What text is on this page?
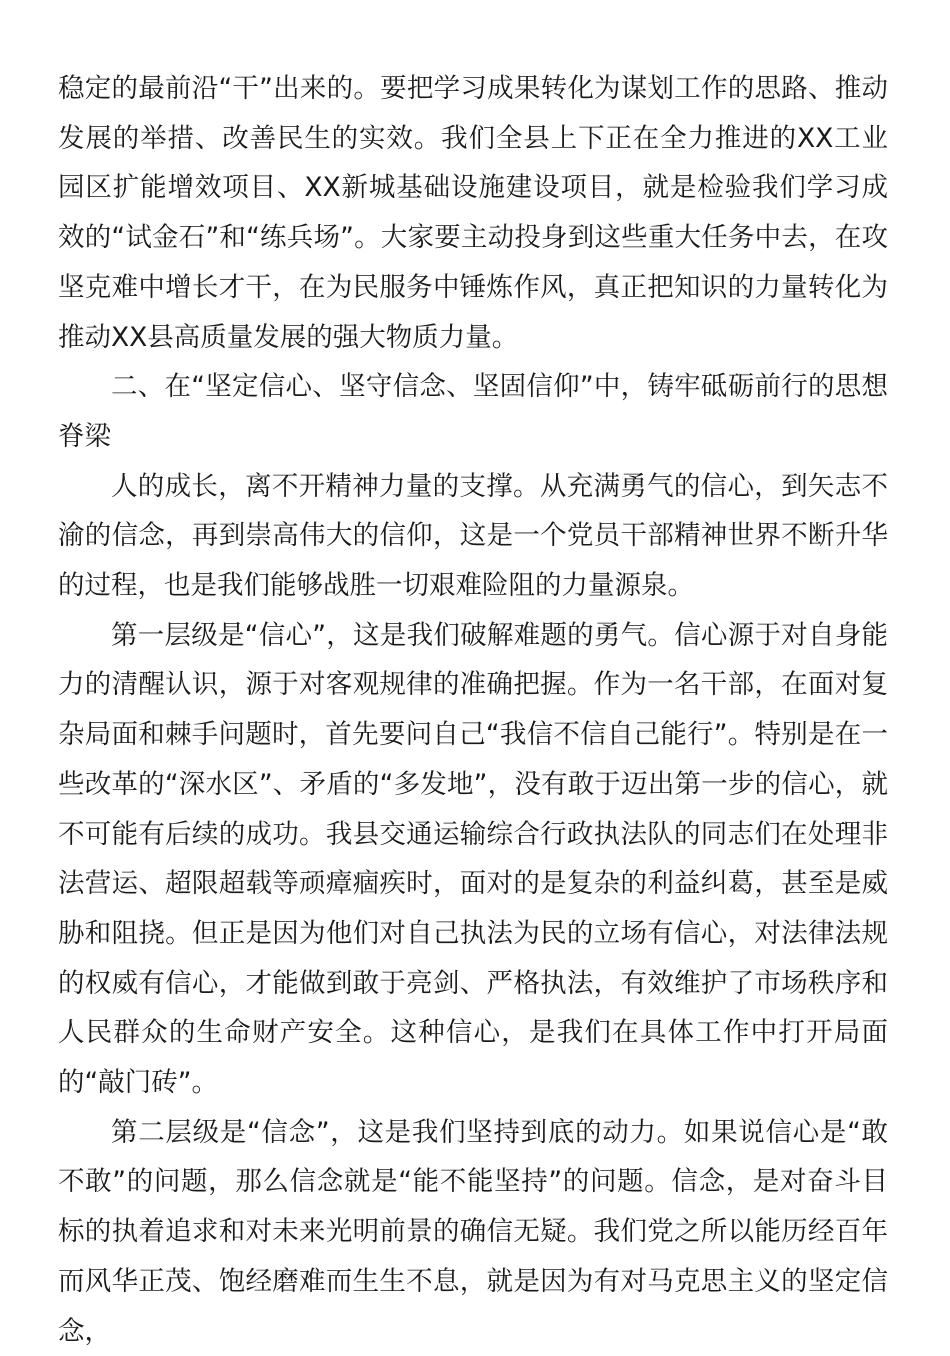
稳定的最前沿“干”出来的。要把学习成果转化为谋划工作的思路、推动发展的举措、改善民生的实效。我们全县上下正在全力推进的XX工业园区扩能增效项目、XX新城基础设施建设项目，就是检验我们学习成效的“试金石”和“练兵场”。大家要主动投身到这些重大任务中去，在攻坚克难中增长才干，在为民服务中锤炼作风，真正把知识的力量转化为推动XX县高质量发展的强大物质力量。

二、在“坚定信心、坚守信念、坚固信仰”中，铸牢砥砺前行的思想脊梁

人的成长，离不开精神力量的支撑。从充满勇气的信心，到矢志不渝的信念，再到崇高伟大的信仰，这是一个党员干部精神世界不断升华的过程，也是我们能够战胜一切艰难险阻的力量源泉。

第一层级是“信心”，这是我们破解难题的勇气。信心源于对自身能力的清醒认识，源于对客观规律的准确把握。作为一名干部，在面对复杂局面和棘手问题时，首先要问自己“我信不信自己能行”。特别是在一些改革的“深水区”、矛盾的“多发地”，没有敢于迈出第一步的信心，就不可能有后续的成功。我县交通运输综合行政执法队的同志们在处理非法营运、超限超载等顽瘴痼疾时，面对的是复杂的利益纠葛，甚至是威胁和阻挠。但正是因为他们对自己执法为民的立场有信心，对法律法规的权威有信心，才能做到敢于亮剑、严格执法，有效维护了市场秩序和人民群众的生命财产安全。这种信心，是我们在具体工作中打开局面的“敲门砖”。

第二层级是“信念”，这是我们坚持到底的动力。如果说信心是“敢不敢”的问题，那么信念就是“能不能坚持”的问题。信念，是对奋斗目标的执着追求和对未来光明前景的确信无疑。我们党之所以能历经百年而风华正茂、饱经磨难而生生不息，就是因为有对马克思主义的坚定信念，
